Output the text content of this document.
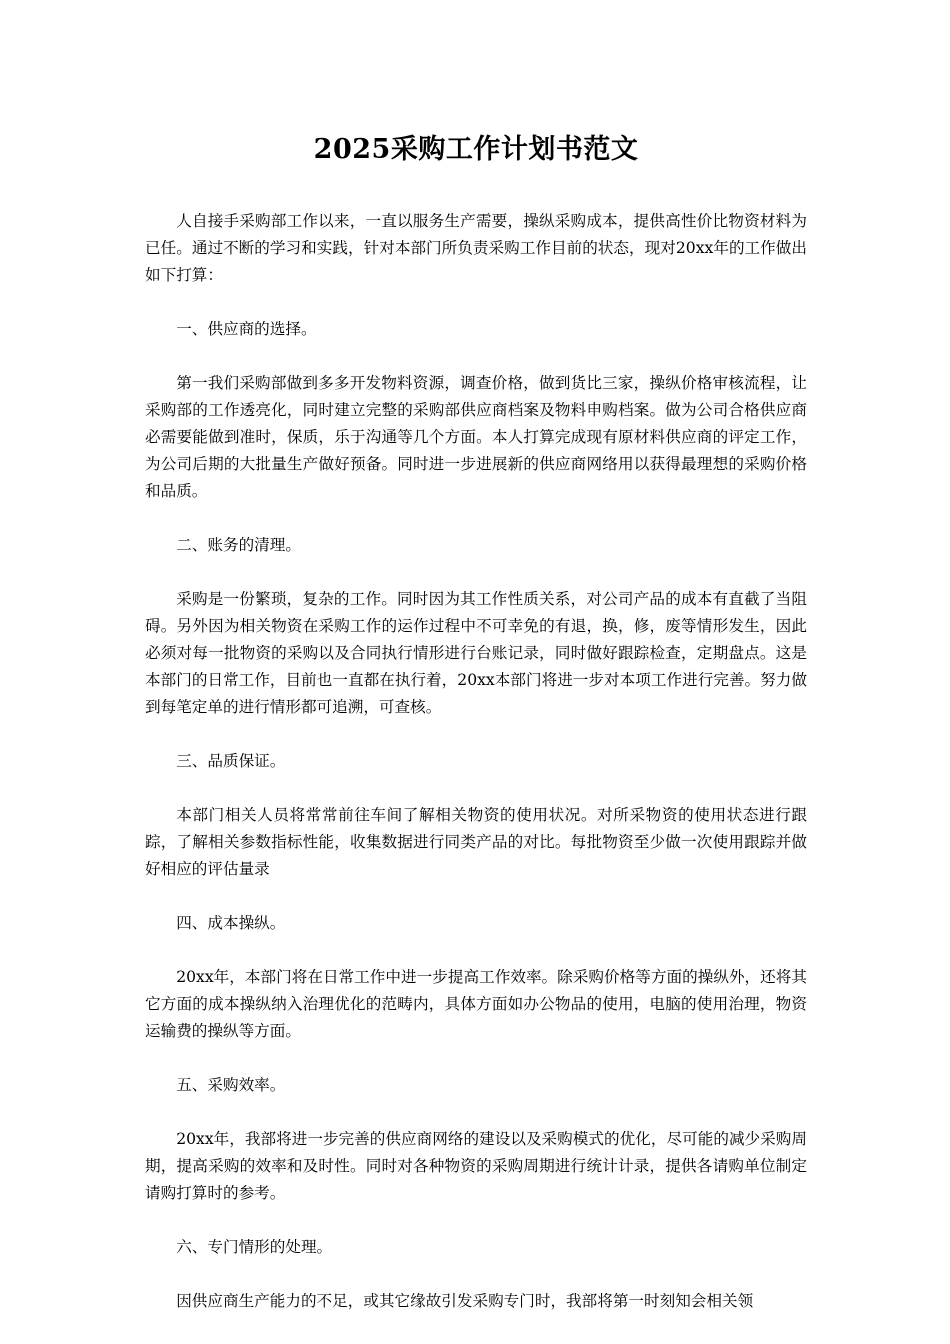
2025采购工作计划书范文

人自接手采购部工作以来，一直以服务生产需要，操纵采购成本，提供高性价比物资材料为已任。通过不断的学习和实践，针对本部门所负责采购工作目前的状态，现对20xx年的工作做出如下打算：

一、供应商的选择。

第一我们采购部做到多多开发物料资源，调查价格，做到货比三家，操纵价格审核流程，让采购部的工作透亮化，同时建立完整的采购部供应商档案及物料申购档案。做为公司合格供应商必需要能做到准时，保质，乐于沟通等几个方面。本人打算完成现有原材料供应商的评定工作，为公司后期的大批量生产做好预备。同时进一步进展新的供应商网络用以获得最理想的采购价格和品质。

二、账务的清理。

采购是一份繁琐，复杂的工作。同时因为其工作性质关系，对公司产品的成本有直截了当阻碍。另外因为相关物资在采购工作的运作过程中不可幸免的有退，换，修，废等情形发生，因此必须对每一批物资的采购以及合同执行情形进行台账记录，同时做好跟踪检查，定期盘点。这是本部门的日常工作，目前也一直都在执行着，20xx本部门将进一步对本项工作进行完善。努力做到每笔定单的进行情形都可追溯，可查核。

三、品质保证。

本部门相关人员将常常前往车间了解相关物资的使用状况。对所采物资的使用状态进行跟踪，了解相关参数指标性能，收集数据进行同类产品的对比。每批物资至少做一次使用跟踪并做好相应的评估量录

四、成本操纵。

20xx年，本部门将在日常工作中进一步提高工作效率。除采购价格等方面的操纵外，还将其它方面的成本操纵纳入治理优化的范畴内，具体方面如办公物品的使用，电脑的使用治理，物资运输费的操纵等方面。

五、采购效率。

20xx年，我部将进一步完善的供应商网络的建设以及采购模式的优化，尽可能的减少采购周期，提高采购的效率和及时性。同时对各种物资的采购周期进行统计计录，提供各请购单位制定请购打算时的参考。

六、专门情形的处理。

因供应商生产能力的不足，或其它缘故引发采购专门时，我部将第一时刻知会相关领
